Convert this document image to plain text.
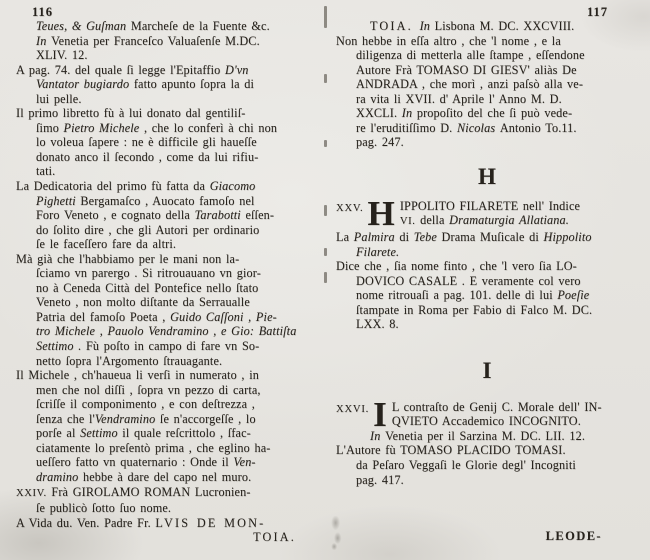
116
Teues, & Guſman Marcheſe de la Fuente &c.
In Venetia per Franceſco Valuaſenſe M.DC.
XLIV. 12.
A pag. 74. del quale ſi legge l'Epitaffio D'vn
Vantator bugiardo fatto apunto ſopra la di
lui pelle.
Il primo libretto fù à lui donato dal gentiliſ-
ſimo Pietro Michele , che lo conferì à chi non
lo voleua ſapere : ne è difficile gli haueſſe
donato anco il ſecondo , come da lui rifiu-
tati.
La Dedicatoria del primo fù fatta da Giacomo
Pighetti Bergamaſco , Auocato famoſo nel
Foro Veneto , e cognato della Tarabotti eſſen-
do ſolito dire , che gli Autori per ordinario
ſe le faceſſero fare da altri.
Mà già che l'habbiamo per le mani non la-
ſciamo vn parergo . Si ritrouauano vn gior-
no à Ceneda Città del Pontefice nello ſtato
Veneto , non molto diſtante da Serraualle
Patria del famoſo Poeta , Guido Caſſoni , Pie-
tro Michele , Pauolo Vendramino , e Gio: Battiſta
Settimo . Fù poſto in campo di fare vn So-
netto ſopra l'Argomento ſtrauagante.
Il Michele , ch'haueua li verſi in numerato , in
men che nol diſſi , ſopra vn pezzo di carta,
ſcriſſe il componimento , e con deſtrezza ,
ſenza che l'Vendramino ſe n'accorgeſſe , lo
porſe al Settimo il quale reſcrittolo , ſfac-
ciatamente lo preſentò prima , che eglino ha-
ueſſero fatto vn quaternario : Onde il Ven-
dramino hebbe à dare del capo nel muro.
XXIV. Frà GIROLAMO ROMAN Lucronien-
ſe publicò ſotto ſuo nome.
A Vida du. Ven. Padre Fr. LVIS DE MON-
TOIA.
117
LEODE-
TOIA. In Lisbona M. DC. XXCVIII.
Non hebbe in eſſa altro , che 'l nome , e la
diligenza di metterla alle ſtampe , eſſendone
Autore Frà TOMASO DI GIESV' aliàs De
ANDRADA , che morì , anzi paſsò alla ve-
ra vita li XVII. d' Aprile l' Anno M. D.
XXCLI. In propoſito del che ſi può vede-
re l'eruditiſſimo D. Nicolas Antonio To.11.
pag. 247.
H
XXV. H IPPOLITO FILARETE nell' Indice
VI. della Dramaturgia Allatiana.
La Palmira di Tebe Drama Muſicale di Hippolito
Filarete.
Dice che , ſia nome finto , che 'l vero ſia LO-
DOVICO CASALE . E veramente col vero
nome ritrouaſi a pag. 101. delle di lui Poeſie
ſtampate in Roma per Fabio di Falco M. DC.
LXX. 8.
I
XXVI. I L contraſto de Genij C. Morale dell' IN-
QVIETO Accademico INCOGNITO.
In Venetia per il Sarzina M. DC. LII. 12.
L'Autore fù TOMASO PLACIDO TOMASI.
da Peſaro Veggaſi le Glorie degl' Incogniti
pag. 417.
